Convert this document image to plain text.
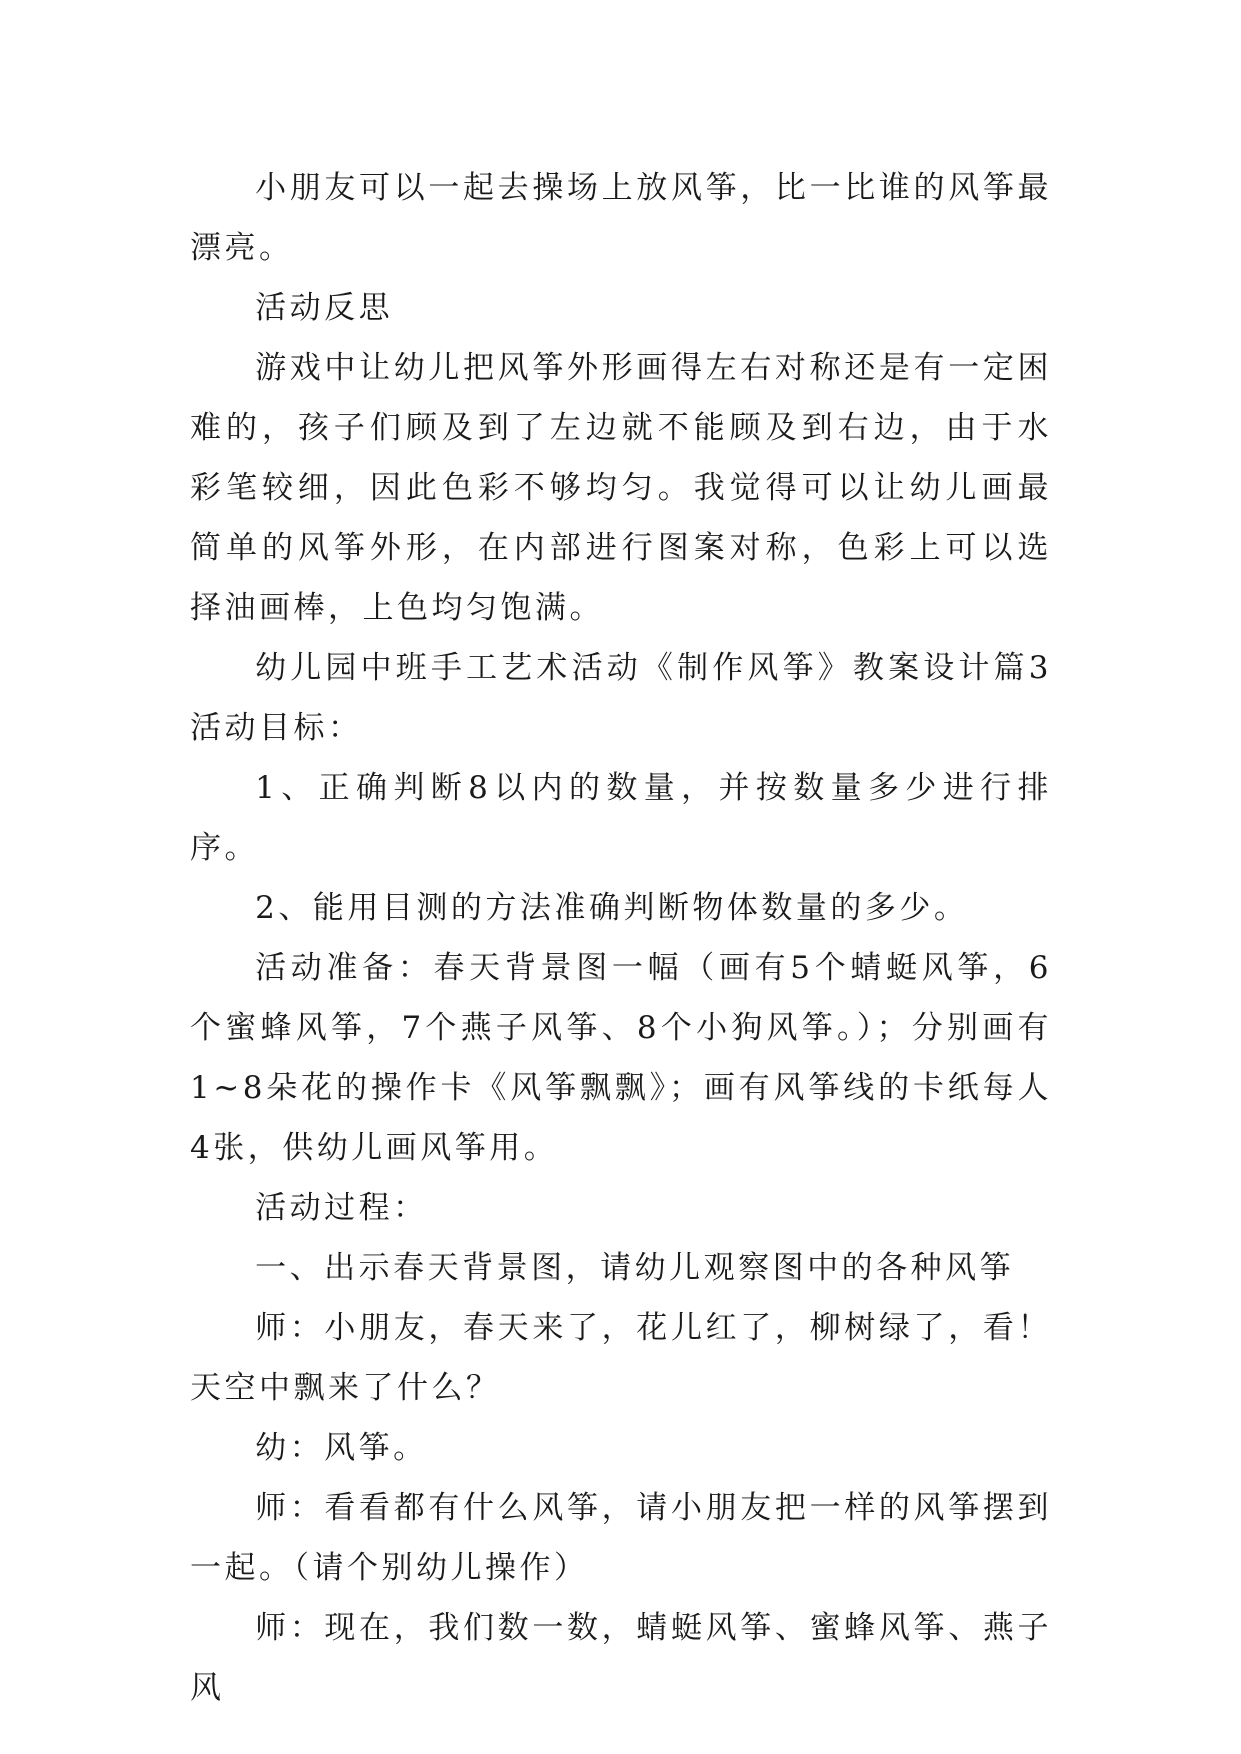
小朋友可以一起去操场上放风筝，比一比谁的风筝最漂亮。

活动反思

游戏中让幼儿把风筝外形画得左右对称还是有一定困难的，孩子们顾及到了左边就不能顾及到右边，由于水彩笔较细，因此色彩不够均匀。我觉得可以让幼儿画最简单的风筝外形，在内部进行图案对称，色彩上可以选择油画棒，上色均匀饱满。

幼儿园中班手工艺术活动《制作风筝》教案设计篇3活动目标：

1、正确判断8以内的数量，并按数量多少进行排序。

2、能用目测的方法准确判断物体数量的多少。

活动准备：春天背景图一幅（画有5个蜻蜓风筝，6个蜜蜂风筝，7个燕子风筝、8个小狗风筝。）；分别画有1~8朵花的操作卡《风筝飘飘》；画有风筝线的卡纸每人4张，供幼儿画风筝用。

活动过程：

一、出示春天背景图，请幼儿观察图中的各种风筝

师：小朋友，春天来了，花儿红了，柳树绿了，看！天空中飘来了什么？

幼：风筝。

师：看看都有什么风筝，请小朋友把一样的风筝摆到一起。（请个别幼儿操作）

师：现在，我们数一数，蜻蜓风筝、蜜蜂风筝、燕子风
